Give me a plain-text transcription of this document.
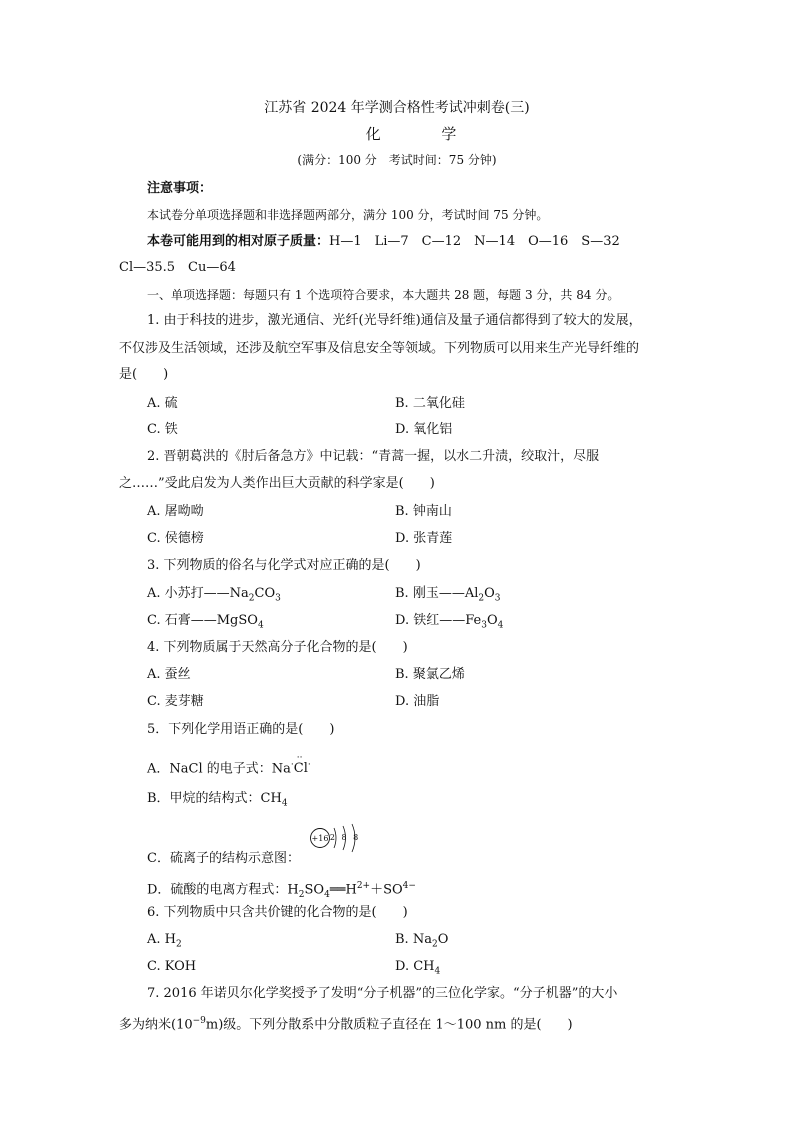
江苏省 2024 年学测合格性考试冲刺卷(三)
化 学
(满分：100 分　考试时间：75 分钟)
注意事项：
本试卷分单项选择题和非选择题两部分，满分 100 分，考试时间 75 分钟。
本卷可能用到的相对原子质量：H—1　Li—7　C—12　N—14　O—16　S—32
Cl—35.5　Cu—64
一、单项选择题：每题只有 1 个选项符合要求，本大题共 28 题，每题 3 分，共 84 分。
1. 由于科技的进步，激光通信、光纤(光导纤维)通信及量子通信都得到了较大的发展，
不仅涉及生活领域，还涉及航空军事及信息安全等领域。下列物质可以用来生产光导纤维的
是(　　)
A. 硫	B. 二氧化硅
C. 铁	D. 氧化铝
2. 晋朝葛洪的《肘后备急方》中记载：“青蒿一握，以水二升渍，绞取汁，尽服
之……”受此启发为人类作出巨大贡献的科学家是(　　)
A. 屠呦呦	B. 钟南山
C. 侯德榜	D. 张青莲
3. 下列物质的俗名与化学式对应正确的是(　　)
A. 小苏打$——Na_2CO_3$	B. 刚玉$——Al_2O_3$
C. 石膏——MgSO$_4$	D. 铁红$——Fe_3O_4$
4. 下列物质属于天然高分子化合物的是(　　)
A. 蚕丝	B. 聚氯乙烯
C. 麦芽糖	D. 油脂
5．下列化学用语正确的是(　　)
A．NaCl 的电子式：Na·Cl
··
·
B．甲烷的结构式：$CH_4$
C．硫离子的结构示意图：
+16 2 8 8
D．硫酸的电离方程式：$H_2SO_4══H^{2+}+SO^{4-}$
6. 下列物质中只含共价键的化合物的是(　　)
A. $H_2$	B. $Na_2O$
C. KOH	D. $CH_4$
7. 2016 年诺贝尔化学奖授予了发明“分子机器”的三位化学家。“分子机器”的大小
多为纳米$(10^{-9}m)$级。下列分散系中分散质粒子直径在 1～100 nm 的是(　　)
